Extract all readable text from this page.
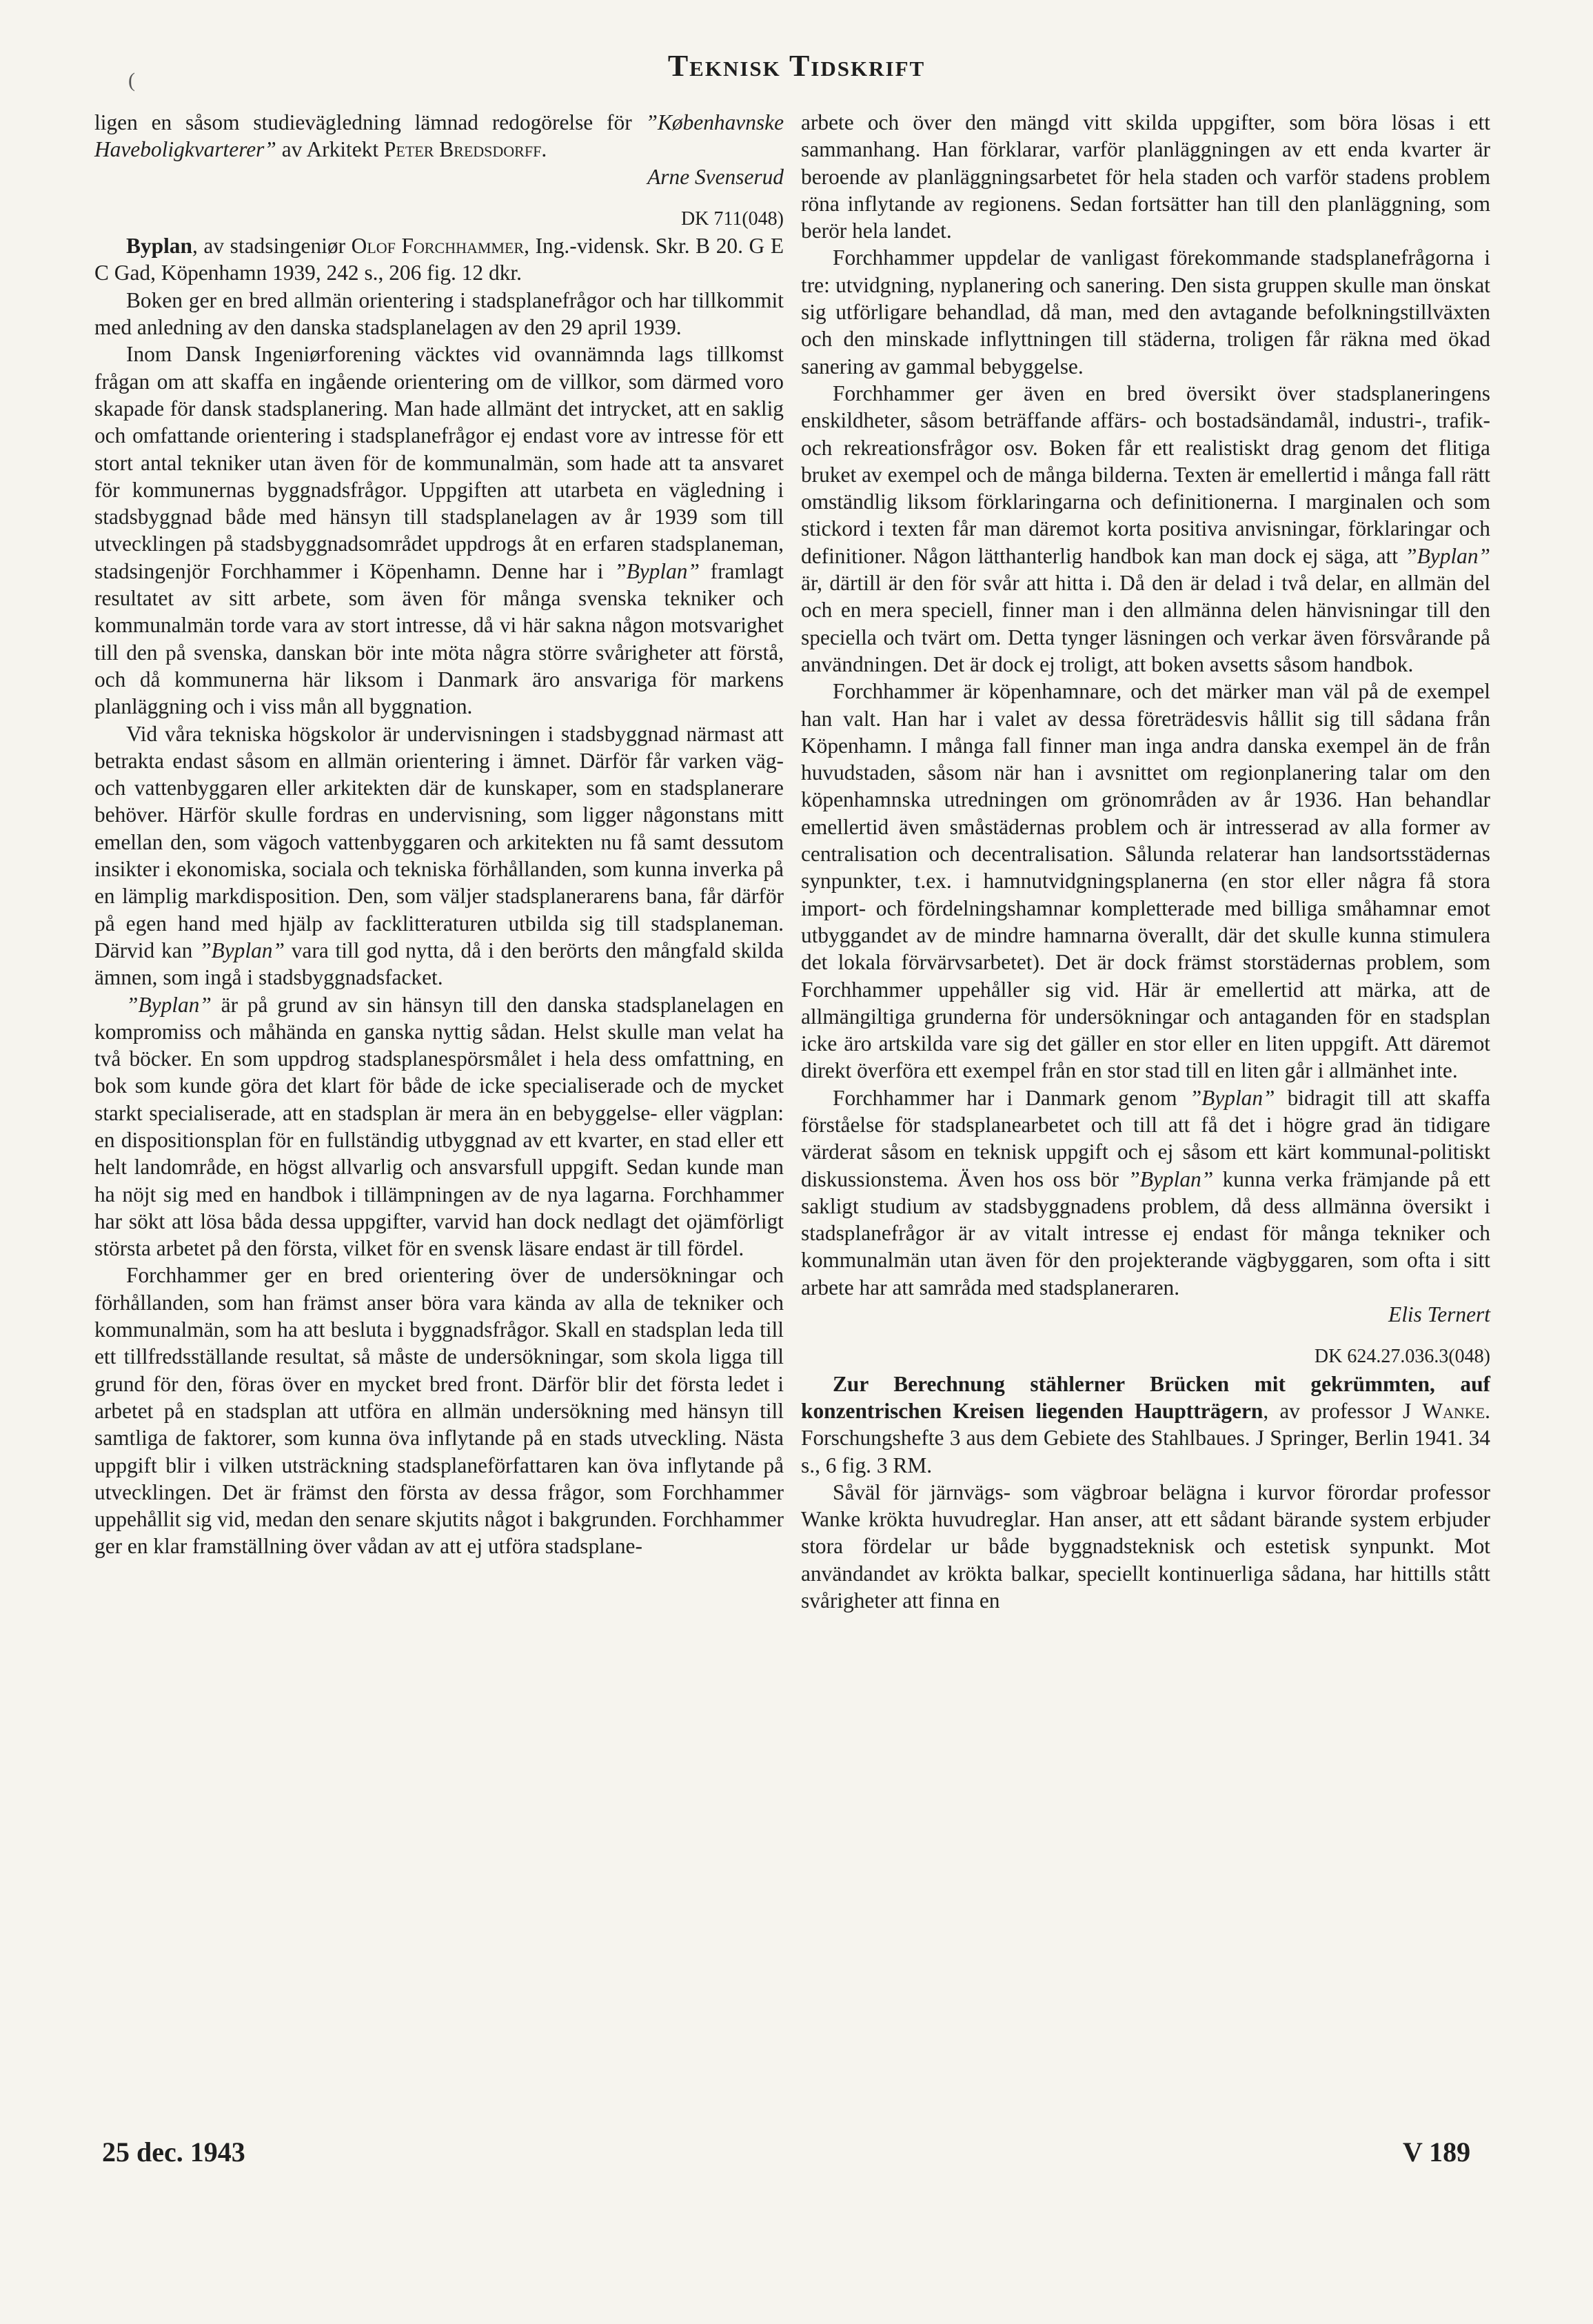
(	Teknisk Tidskrift

ligen en såsom studievägledning lämnad redogörelse för ”Københavnske Haveboligkvarterer” av Arkitekt Peter Bredsdorff.

Arne Svenserud

DK 711(048)

Byplan, av stadsingeniør Olof Forchhammer, Ing.-vidensk. Skr. B 20. G E C Gad, Köpenhamn 1939, 242 s., 206 fig. 12 dkr.

Boken ger en bred allmän orientering i stadsplanefrågor och har tillkommit med anledning av den danska stadsplanelagen av den 29 april 1939.

Inom Dansk Ingeniørforening väcktes vid ovannämnda lags tillkomst frågan om att skaffa en ingående orientering om de villkor, som därmed voro skapade för dansk stadsplanering. Man hade allmänt det intrycket, att en saklig och omfattande orientering i stadsplanefrågor ej endast vore av intresse för ett stort antal tekniker utan även för de kommunalmän, som hade att ta ansvaret för kommunernas byggnadsfrågor. Uppgiften att utarbeta en vägledning i stadsbyggnad både med hänsyn till stadsplanelagen av år 1939 som till utvecklingen på stadsbyggnadsområdet uppdrogs åt en erfaren stadsplaneman, stadsingenjör Forchhammer i Köpenhamn. Denne har i ”Byplan” framlagt resultatet av sitt arbete, som även för många svenska tekniker och kommunalmän torde vara av stort intresse, då vi här sakna någon motsvarighet till den på svenska, danskan bör inte möta några större svårigheter att förstå, och då kommunerna här liksom i Danmark äro ansvariga för markens planläggning och i viss mån all byggnation.

Vid våra tekniska högskolor är undervisningen i stadsbyggnad närmast att betrakta endast såsom en allmän orientering i ämnet. Därför får varken väg- och vattenbyggaren eller arkitekten där de kunskaper, som en stadsplanerare behöver. Härför skulle fordras en undervisning, som ligger någonstans mitt emellan den, som vägoch vattenbyggaren och arkitekten nu få samt dessutom insikter i ekonomiska, sociala och tekniska förhållanden, som kunna inverka på en lämplig markdisposition. Den, som väljer stadsplanerarens bana, får därför på egen hand med hjälp av facklitteraturen utbilda sig till stadsplaneman. Därvid kan ”Byplan” vara till god nytta, då i den berörts den mångfald skilda ämnen, som ingå i stadsbyggnadsfacket.

”Byplan” är på grund av sin hänsyn till den danska stadsplanelagen en kompromiss och måhända en ganska nyttig sådan. Helst skulle man velat ha två böcker. En som uppdrog stadsplanespörsmålet i hela dess omfattning, en bok som kunde göra det klart för både de icke specialiserade och de mycket starkt specialiserade, att en stadsplan är mera än en bebyggelse- eller vägplan: en dispositionsplan för en fullständig utbyggnad av ett kvarter, en stad eller ett helt landområde, en högst allvarlig och ansvarsfull uppgift. Sedan kunde man ha nöjt sig med en handbok i tillämpningen av de nya lagarna. Forchhammer har sökt att lösa båda dessa uppgifter, varvid han dock nedlagt det ojämförligt största arbetet på den första, vilket för en svensk läsare endast är till fördel.

Forchhammer ger en bred orientering över de undersökningar och förhållanden, som han främst anser böra vara kända av alla de tekniker och kommunalmän, som ha att besluta i byggnadsfrågor. Skall en stadsplan leda till ett tillfredsställande resultat, så måste de undersökningar, som skola ligga till grund för den, föras över en mycket bred front. Därför blir det första ledet i arbetet på en stadsplan att utföra en allmän undersökning med hänsyn till samtliga de faktorer, som kunna öva inflytande på en stads utveckling. Nästa uppgift blir i vilken utsträckning stadsplaneförfattaren kan öva inflytande på utvecklingen. Det är främst den första av dessa frågor, som Forchhammer uppehållit sig vid, medan den senare skjutits något i bakgrunden. Forchhammer ger en klar framställning över vådan av att ej utföra stadsplane-

arbete och över den mängd vitt skilda uppgifter, som böra lösas i ett sammanhang. Han förklarar, varför planläggningen av ett enda kvarter är beroende av planläggningsarbetet för hela staden och varför stadens problem röna inflytande av regionens. Sedan fortsätter han till den planläggning, som berör hela landet.

Forchhammer uppdelar de vanligast förekommande stadsplanefrågorna i tre: utvidgning, nyplanering och sanering. Den sista gruppen skulle man önskat sig utförligare behandlad, då man, med den avtagande befolkningstillväxten och den minskade inflyttningen till städerna, troligen får räkna med ökad sanering av gammal bebyggelse.

Forchhammer ger även en bred översikt över stadsplaneringens enskildheter, såsom beträffande affärs- och bostadsändamål, industri-, trafik- och rekreationsfrågor osv. Boken får ett realistiskt drag genom det flitiga bruket av exempel och de många bilderna. Texten är emellertid i många fall rätt omständlig liksom förklaringarna och definitionerna. I marginalen och som stickord i texten får man däremot korta positiva anvisningar, förklaringar och definitioner. Någon lätthanterlig handbok kan man dock ej säga, att ”Byplan” är, därtill är den för svår att hitta i. Då den är delad i två delar, en allmän del och en mera speciell, finner man i den allmänna delen hänvisningar till den speciella och tvärt om. Detta tynger läsningen och verkar även försvårande på användningen. Det är dock ej troligt, att boken avsetts såsom handbok.

Forchhammer är köpenhamnare, och det märker man väl på de exempel han valt. Han har i valet av dessa företrädesvis hållit sig till sådana från Köpenhamn. I många fall finner man inga andra danska exempel än de från huvudstaden, såsom när han i avsnittet om regionplanering talar om den köpenhamnska utredningen om grönområden av år 1936. Han behandlar emellertid även småstädernas problem och är intresserad av alla former av centralisation och decentralisation. Sålunda relaterar han landsortsstädernas synpunkter, t.ex. i hamnutvidgningsplanerna (en stor eller några få stora import- och fördelningshamnar kompletterade med billiga småhamnar emot utbyggandet av de mindre hamnarna överallt, där det skulle kunna stimulera det lokala förvärvsarbetet). Det är dock främst storstädernas problem, som Forchhammer uppehåller sig vid. Här är emellertid att märka, att de allmängiltiga grunderna för undersökningar och antaganden för en stadsplan icke äro artskilda vare sig det gäller en stor eller en liten uppgift. Att däremot direkt överföra ett exempel från en stor stad till en liten går i allmänhet inte.

Forchhammer har i Danmark genom ”Byplan” bidragit till att skaffa förståelse för stadsplanearbetet och till att få det i högre grad än tidigare värderat såsom en teknisk uppgift och ej såsom ett kärt kommunal-politiskt diskussionstema. Även hos oss bör ”Byplan” kunna verka främjande på ett sakligt studium av stadsbyggnadens problem, då dess allmänna översikt i stadsplanefrågor är av vitalt intresse ej endast för många tekniker och kommunalmän utan även för den projekterande vägbyggaren, som ofta i sitt arbete har att samråda med stadsplaneraren.

Elis Ternert

DK 624.27.036.3(048)

Zur Berechnung stählerner Brücken mit gekrümmten, auf konzentrischen Kreisen liegenden Hauptträgern, av professor J Wanke. Forschungshefte 3 aus dem Gebiete des Stahlbaues. J Springer, Berlin 1941. 34 s., 6 fig. 3 RM.

Såväl för järnvägs- som vägbroar belägna i kurvor förordar professor Wanke krökta huvudreglar. Han anser, att ett sådant bärande system erbjuder stora fördelar ur både byggnadsteknisk och estetisk synpunkt. Mot användandet av krökta balkar, speciellt kontinuerliga sådana, har hittills stått svårigheter att finna en

25 dec. 1943	V 189
